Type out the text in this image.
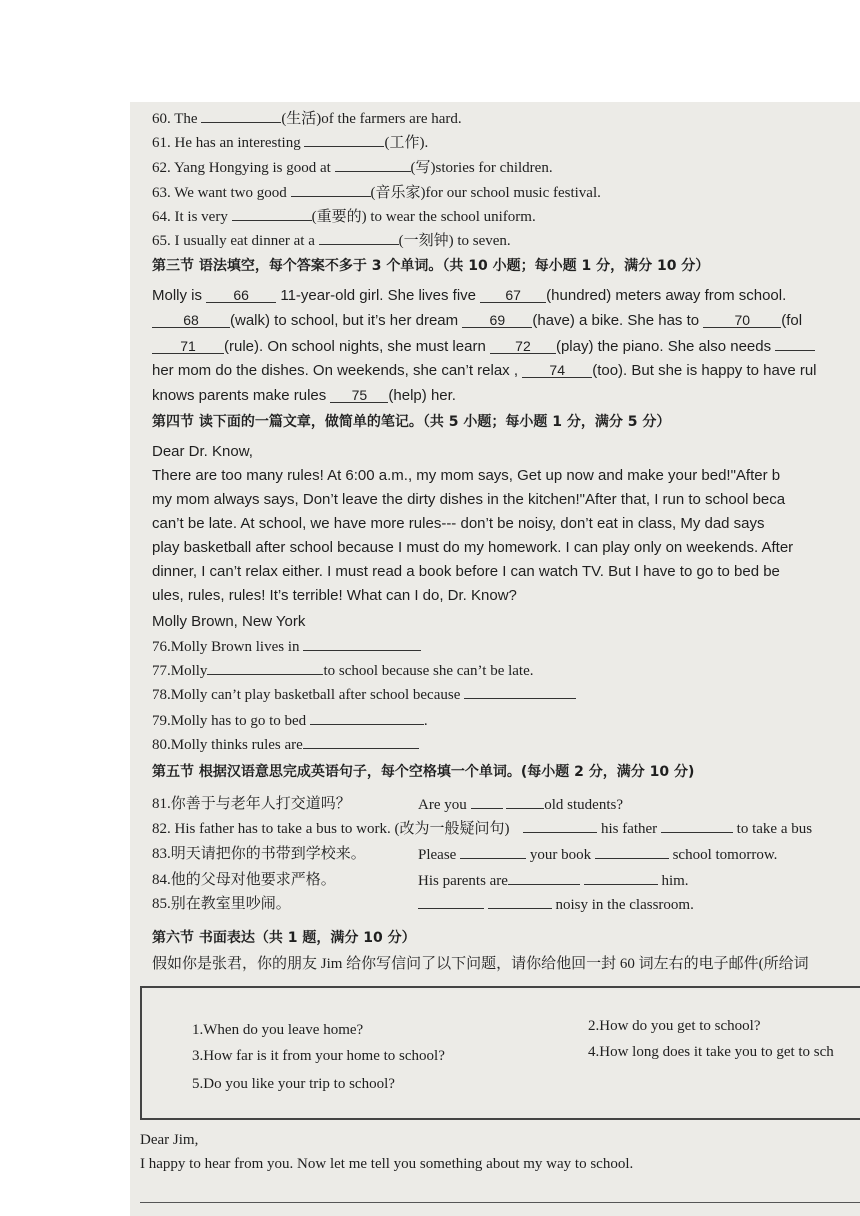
60. The	(生活)of the farmers are hard.
61. He has an interesting	(工作).
62. Yang Hongying is good at	(写)stories for children.
63. We want two good	(音乐家)for our school music festival.
64. It is very	(重要的) to wear the school uniform.
65. I usually eat dinner at a	(一刻钟) to seven.
第三节 语法填空，每个答案不多于 3 个单词。（共 10 小题；每小题 1 分，满分 10 分）
Molly is 66 11-year-old girl. She lives five 67 (hundred) meters away from school.
68 (walk) to school, but it’s her dream 69 (have) a bike. She has to	70 (fol
71 (rule). On school nights, she must learn 72 (play) the piano. She also needs
her mom do the dishes. On weekends, she can’t relax , 74 (too). But she is happy to have rul
knows parents make rules 75 (help) her.
第四节 读下面的一篇文章，做简单的笔记。（共 5 小题；每小题 1 分，满分 5 分）
Dear Dr. Know,
There are too many rules! At 6:00 a.m., my mom says, Get up now and make your bed!"After b
my mom always says, Don’t leave the dirty dishes in the kitchen!"After that, I run to school beca
can’t be late. At school, we have more rules--- don’t be noisy, don’t eat in class, My dad says
play basketball after school because I must do my homework. I can play only on weekends. After
dinner, I can’t relax either. I must read a book before I can watch TV. But I have to go to bed be
ules, rules, rules! It’s terrible! What can I do, Dr. Know?
Molly Brown, New York
76.Molly Brown lives in
77.Molly	to school because she can’t be late.
78.Molly can’t play basketball after school because
79.Molly has to go to bed	.
80.Molly thinks rules are
第五节 根据汉语意思完成英语句子，每个空格填一个单词。(每小题 2 分，满分 10 分)
81.你善于与老年人打交道吗？	Are you	old students?
82. His father has to take a bus to work. (改为一般疑问句)	his father	to take a bus
83.明天请把你的书带到学校来。	Please	your book	school tomorrow.
84.他的父母对他要求严格。	His parents are	him.
85.别在教室里吵闹。	noisy in the classroom.
第六节 书面表达（共 1 题，满分 10 分）
假如你是张君，你的朋友 Jim 给你写信问了以下问题，请你给他回一封 60 词左右的电子邮件(所给词
1.When do you leave home?	2.How do you get to school?
3.How far is it from your home to school?	4.How long does it take you to get to sch
5.Do you like your trip to school?
Dear Jim,
I happy to hear from you. Now let me tell you something about my way to school.
